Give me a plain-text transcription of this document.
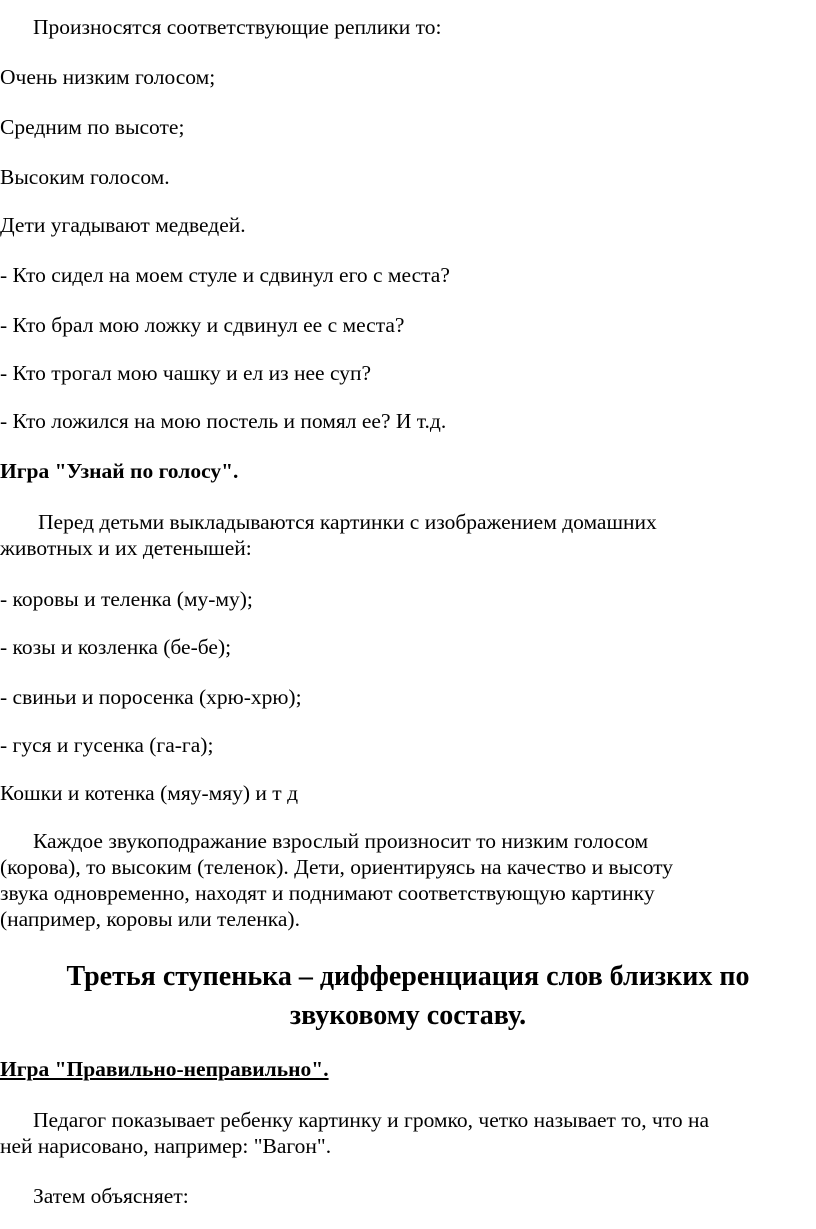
Произносятся соответствующие реплики то:
Очень низким голосом;
Средним по высоте;
Высоким голосом.
Дети угадывают медведей.
- Кто сидел на моем стуле и сдвинул его с места?
- Кто брал мою ложку и сдвинул ее с места?
- Кто трогал мою чашку и ел из нее суп?
- Кто ложился на мою постель и помял ее? И т.д.
Игра "Узнай по голосу".
Перед детьми выкладываются картинки с изображением домашних
животных и их детенышей:
- коровы и теленка (му-му);
- козы и козленка (бе-бе);
- свиньи и поросенка (хрю-хрю);
- гуся и гусенка (га-га);
Кошки и котенка (мяу-мяу) и т д
Каждое звукоподражание взрослый произносит то низким голосом
(корова), то высоким (теленок). Дети, ориентируясь на качество и высоту
звука одновременно, находят и поднимают соответствующую картинку
(например, коровы или теленка).
Третья ступенька – дифференциация слов близких по
звуковому составу.
Игра "Правильно-неправильно".
Педагог показывает ребенку картинку и громко, четко называет то, что на
ней нарисовано, например: "Вагон".
Затем объясняет:
